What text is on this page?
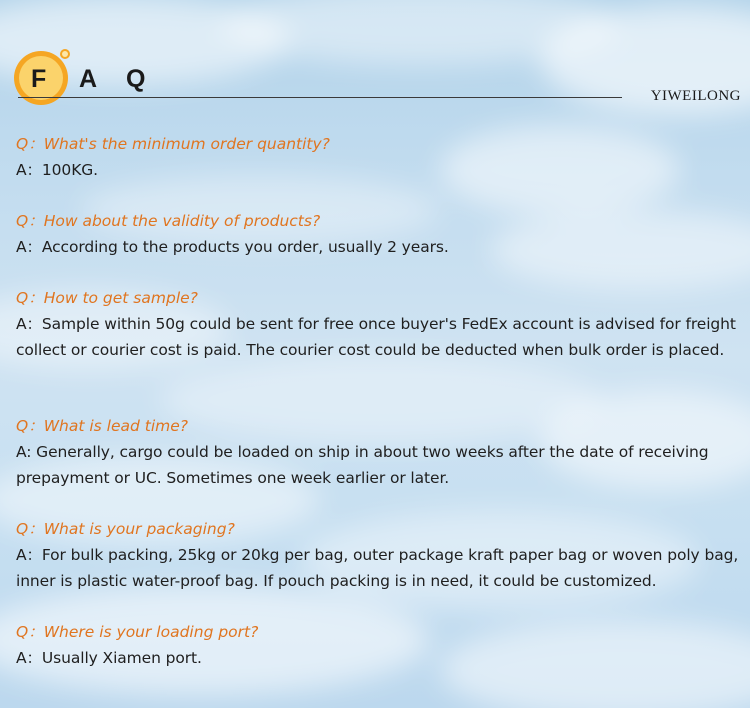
F A Q
YIWEILONG
Q：What's the minimum order quantity?
A：100KG.
Q：How about the validity of products?
A：According to the products you order, usually 2 years.
Q：How to get sample?
A：Sample within 50g could be sent for free once buyer's FedEx account is advised for freight collect or courier cost is paid. The courier cost could be deducted when bulk order is placed.
Q：What is lead time?
A: Generally, cargo could be loaded on ship in about two weeks after the date of receiving prepayment or UC. Sometimes one week earlier or later.
Q：What is your packaging?
A：For bulk packing, 25kg or 20kg per bag, outer package kraft paper bag or woven poly bag, inner is plastic water-proof bag. If pouch packing is in need, it could be customized.
Q：Where is your loading port?
A：Usually Xiamen port.
